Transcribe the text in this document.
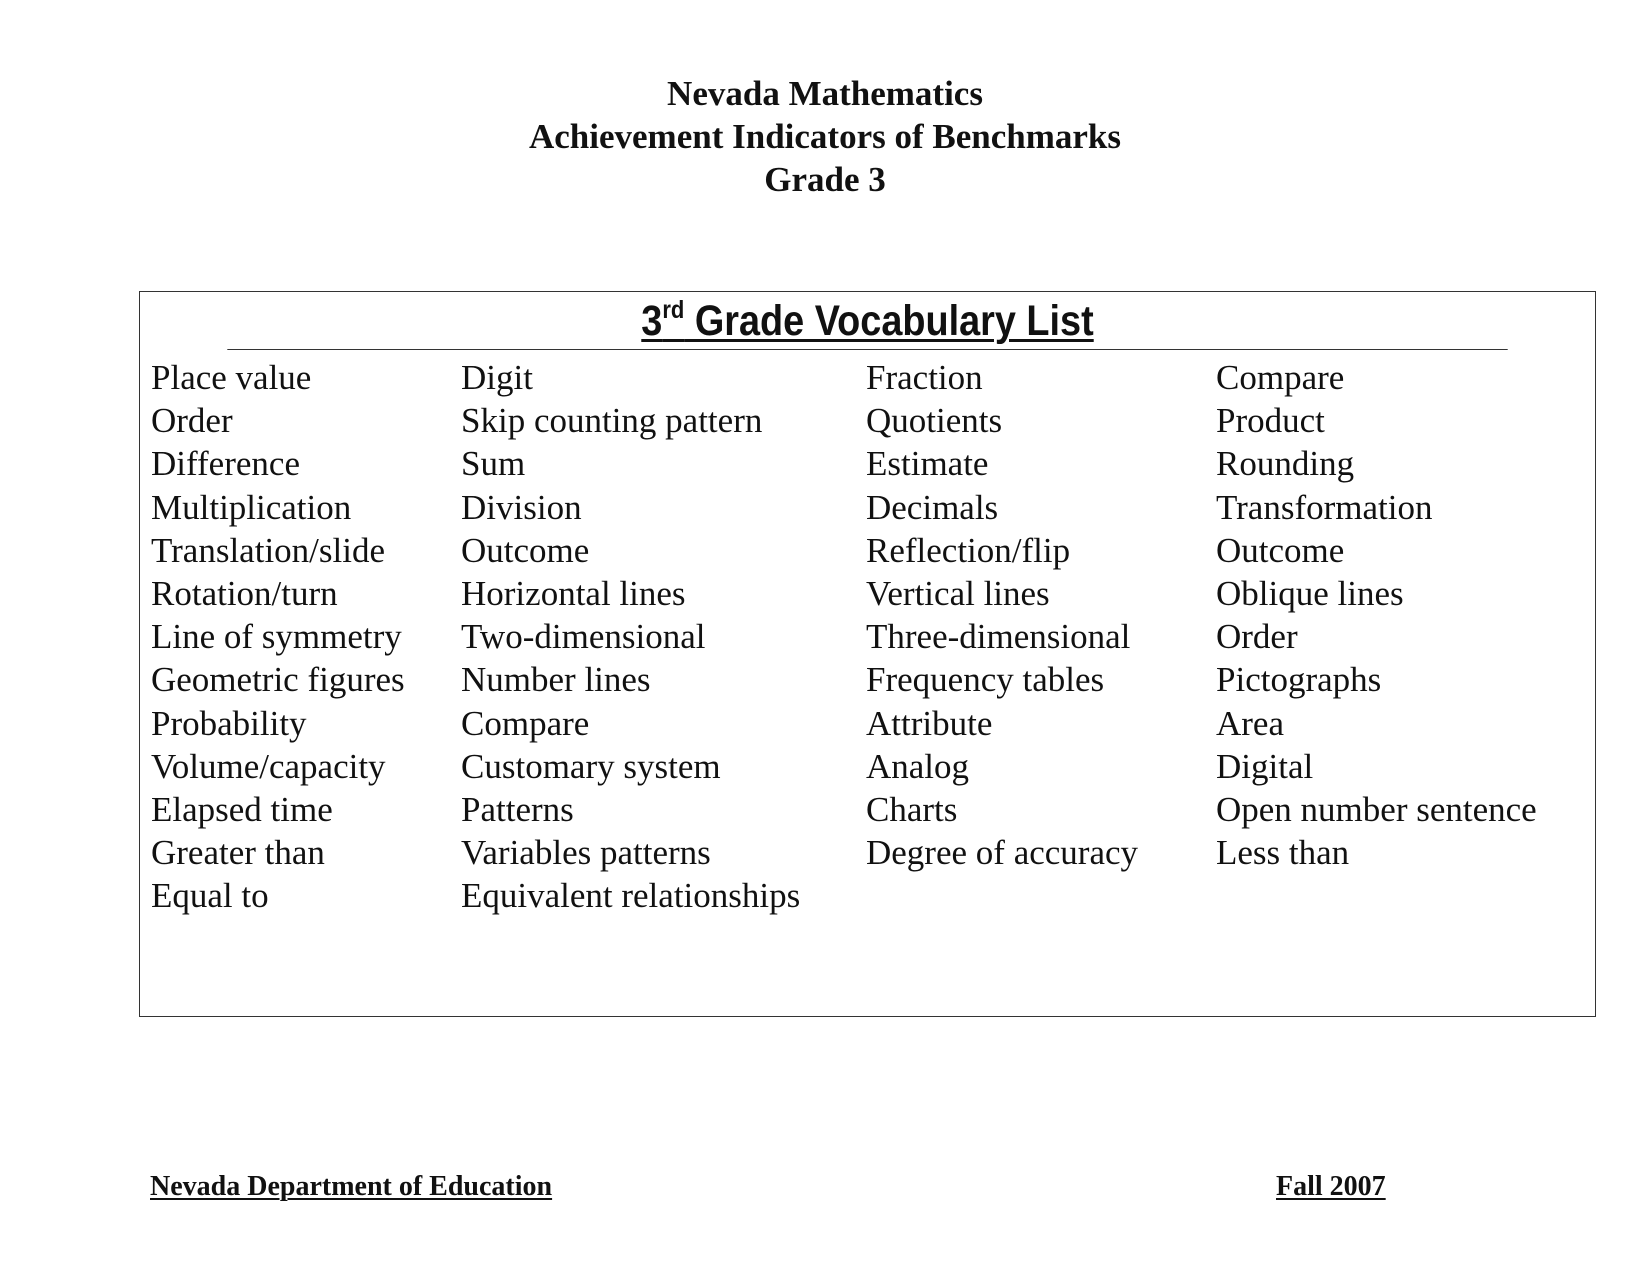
Nevada Mathematics
Achievement Indicators of Benchmarks
Grade 3
3rd Grade Vocabulary List
Place value	Digit	Fraction	Compare
Order	Skip counting pattern	Quotients	Product
Difference	Sum	Estimate	Rounding
Multiplication	Division	Decimals	Transformation
Translation/slide	Outcome	Reflection/flip	Outcome
Rotation/turn	Horizontal lines	Vertical lines	Oblique lines
Line of symmetry	Two-dimensional	Three-dimensional	Order
Geometric figures	Number lines	Frequency tables	Pictographs
Probability	Compare	Attribute	Area
Volume/capacity	Customary system	Analog	Digital
Elapsed time	Patterns	Charts	Open number sentence
Greater than	Variables patterns	Degree of accuracy	Less than
Equal to	Equivalent relationships
Nevada Department of Education	Fall 2007
